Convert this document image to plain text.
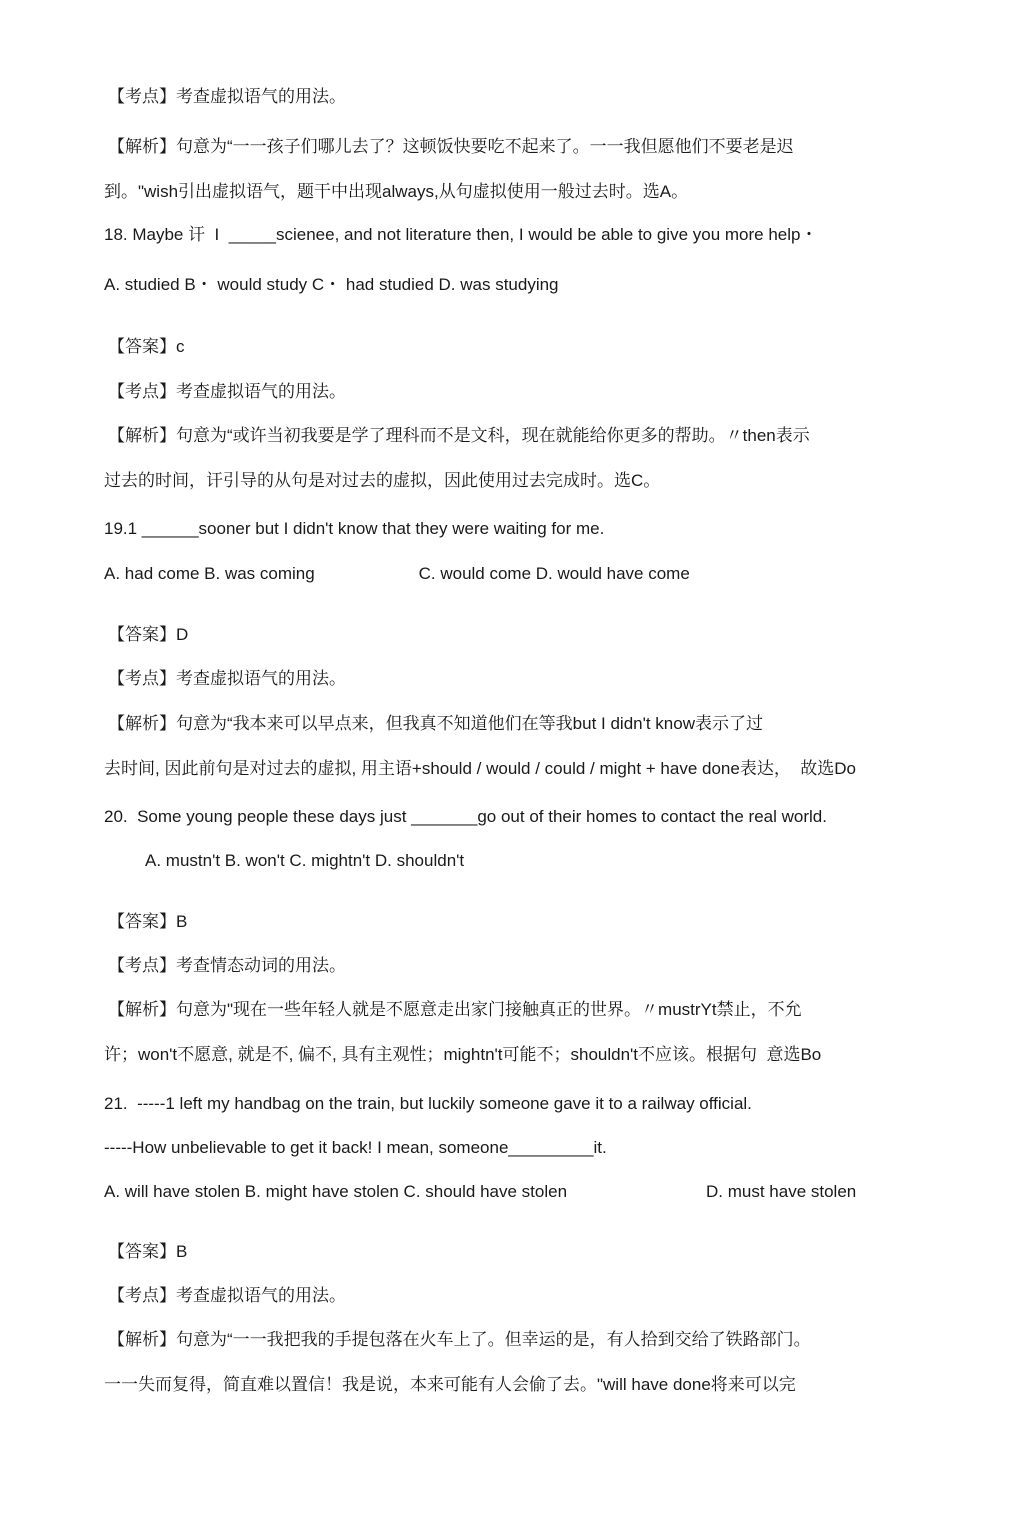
【考点】考查虚拟语气的用法。
【解析】句意为“一一孩子们哪儿去了？这顿饭快要吃不起来了。一一我但愿他们不要老是迟
到。"wish引出虚拟语气，题干中出现always,从句虚拟使用一般过去时。选A。
18. Maybe 讦  I  _____scienee, and not literature then, I would be able to give you more help・
A. studied B・ would study C・ had studied D. was studying
【答案】c
【考点】考查虚拟语气的用法。
【解析】句意为“或许当初我要是学了理科而不是文科，现在就能给你更多的帮助。〃then表示
过去的时间，讦引导的从句是对过去的虚拟，因此使用过去完成时。选C。
19.1 ______sooner but I didn't know that they were waiting for me.
A. had come B. was coming                      C. would come D. would have come
【答案】D
【考点】考查虚拟语气的用法。
【解析】句意为“我本来可以早点来，但我真不知道他们在等我but I didn't know表示了过
去时间, 因此前句是对过去的虚拟, 用主语+should / would / could / might + have done表达，  故选Do
20.  Some young people these days just _______go out of their homes to contact the real world.
A. mustn't B. won't C. mightn't D. shouldn't
【答案】B
【考点】考查情态动词的用法。
【解析】句意为"现在一些年轻人就是不愿意走出家门接触真正的世界。〃mustrYt禁止，不允
许；won't不愿意, 就是不, 偏不, 具有主观性；mightn't可能不；shouldn't不应该。根据句  意选Bo
21.  -----1 left my handbag on the train, but luckily someone gave it to a railway official.
-----How unbelievable to get it back! I mean, someone_________it.
A. will have stolen B. might have stolen C. should have stolen	D. must have stolen
【答案】B
【考点】考查虚拟语气的用法。
【解析】句意为“一一我把我的手提包落在火车上了。但幸运的是，有人拾到交给了铁路部门。
一一失而复得，简直难以置信！我是说，本来可能有人会偷了去。"will have done将来可以完
